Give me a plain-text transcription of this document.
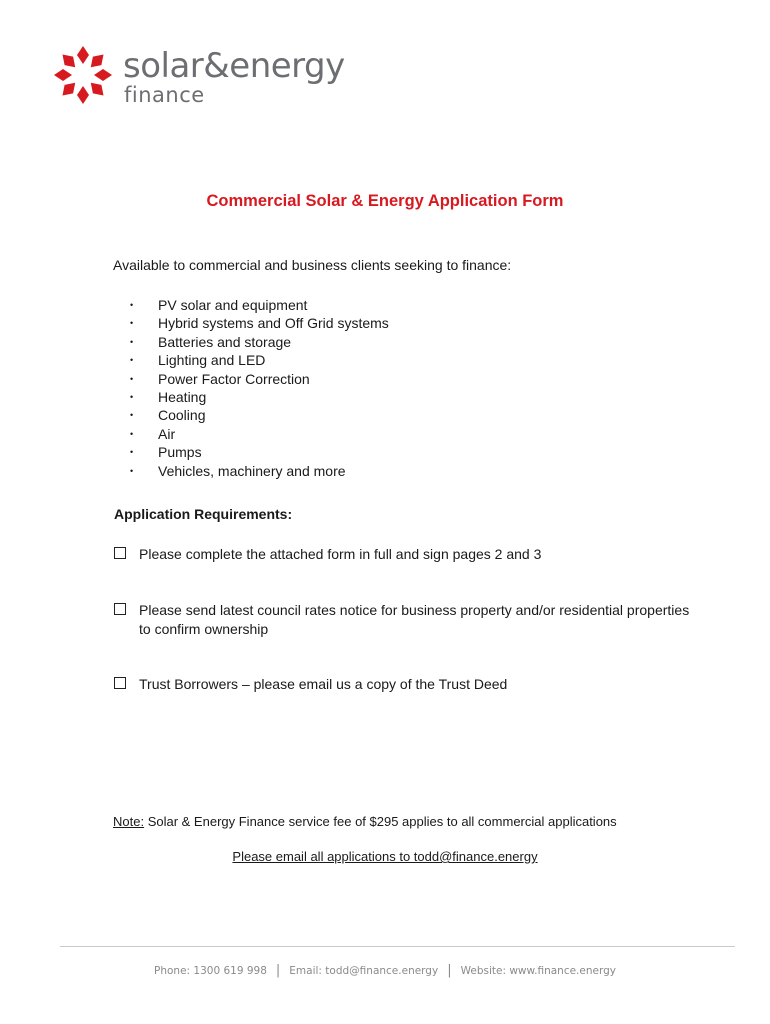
solar&energy
finance
Commercial Solar & Energy Application Form
Available to commercial and business clients seeking to finance:
• PV solar and equipment
• Hybrid systems and Off Grid systems
• Batteries and storage
• Lighting and LED
• Power Factor Correction
• Heating
• Cooling
• Air
• Pumps
• Vehicles, machinery and more
Application Requirements:
Please complete the attached form in full and sign pages 2 and 3
Please send latest council rates notice for business property and/or residential properties to confirm ownership
Trust Borrowers – please email us a copy of the Trust Deed
Note: Solar & Energy Finance service fee of $295 applies to all commercial applications
Please email all applications to todd@finance.energy
Phone: 1300 619 998 | Email: todd@finance.energy | Website: www.finance.energy
